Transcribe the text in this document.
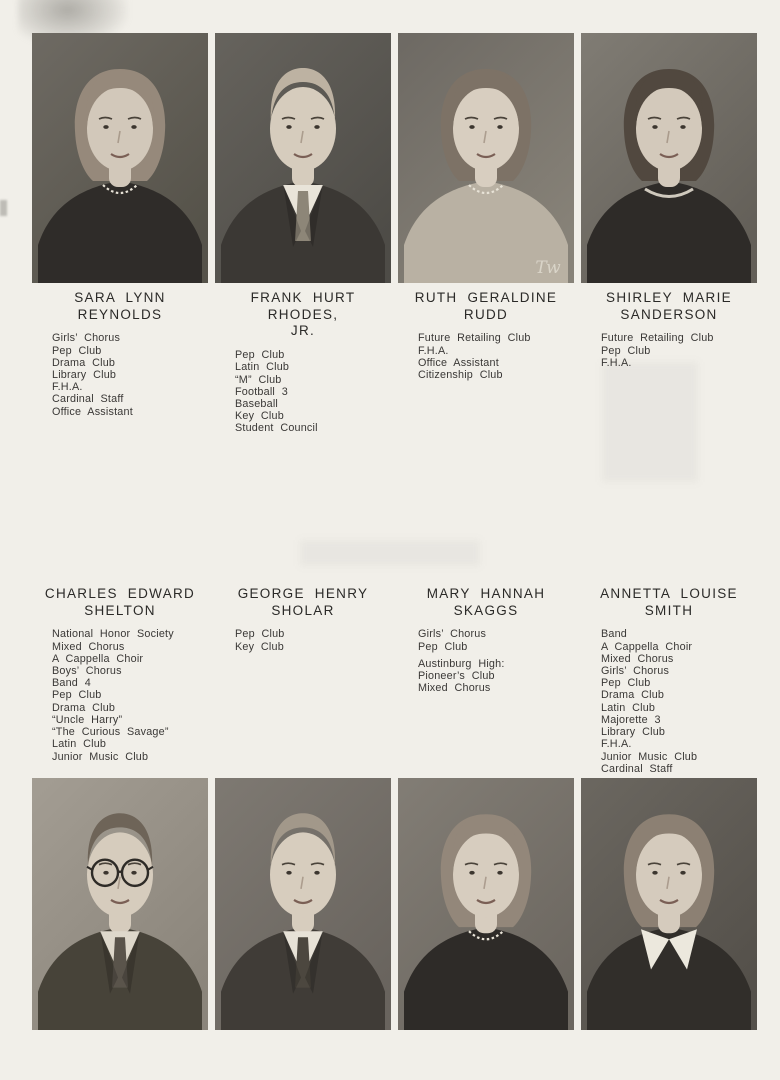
Tw
SARA LYNN REYNOLDS
Girls’ Chorus
Pep Club
Drama Club
Library Club
F.H.A.
Cardinal Staff
Office Assistant
FRANK HURT RHODES,
JR.
Pep Club
Latin Club
“M” Club
Football 3
Baseball
Key Club
Student Council
RUTH GERALDINE
RUDD
Future Retailing Club
F.H.A.
Office Assistant
Citizenship Club
SHIRLEY MARIE
SANDERSON
Future Retailing Club
Pep Club
F.H.A.
CHARLES EDWARD
SHELTON
National Honor Society
Mixed Chorus
A Cappella Choir
Boys’ Chorus
Band 4
Pep Club
Drama Club
“Uncle Harry”
“The Curious Savage”
Latin Club
Junior Music Club
GEORGE HENRY
SHOLAR
Pep Club
Key Club
MARY HANNAH
SKAGGS
Girls’ Chorus
Pep Club
Austinburg High:
Pioneer’s Club
Mixed Chorus
ANNETTA LOUISE
SMITH
Band
A Cappella Choir
Mixed Chorus
Girls’ Chorus
Pep Club
Drama Club
Latin Club
Majorette 3
Library Club
F.H.A.
Junior Music Club
Cardinal Staff
